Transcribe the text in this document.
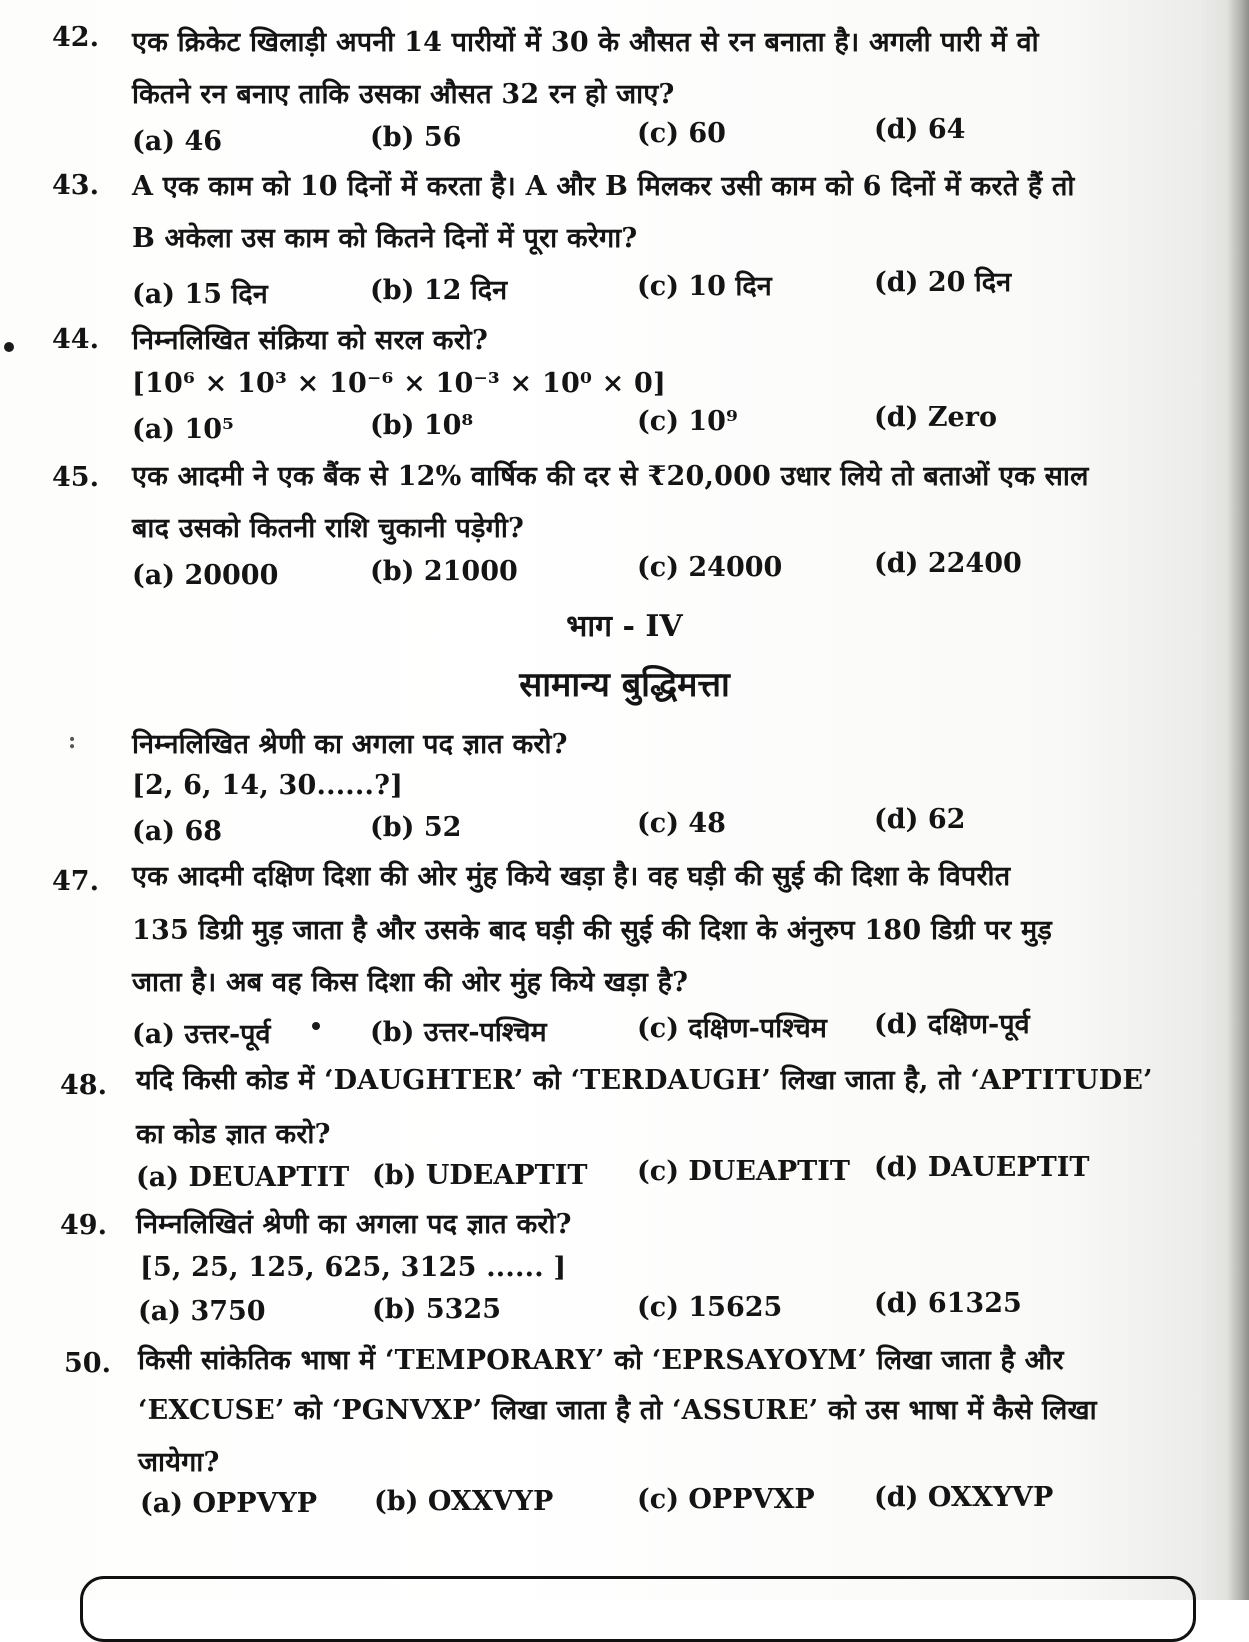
42. एक क्रिकेट खिलाड़ी अपनी 14 पारीयों में 30 के औसत से रन बनाता है। अगली पारी में वो
कितने रन बनाए ताकि उसका औसत 32 रन हो जाए?
(a) 46	(b) 56	(c) 60	(d) 64
43. A एक काम को 10 दिनों में करता है। A और B मिलकर उसी काम को 6 दिनों में करते हैं तो
B अकेला उस काम को कितने दिनों में पूरा करेगा?
(a) 15 दिन	(b) 12 दिन	(c) 10 दिन	(d) 20 दिन
44. निम्नलिखित संक्रिया को सरल करो?
[10⁶ × 10³ × 10⁻⁶ × 10⁻³ × 10⁰ × 0]
(a) 10⁵	(b) 10⁸	(c) 10⁹	(d) Zero
45. एक आदमी ने एक बैंक से 12% वार्षिक की दर से ₹20,000 उधार लिये तो बताओं एक साल
बाद उसको कितनी राशि चुकानी पड़ेगी?
(a) 20000	(b) 21000	(c) 24000	(d) 22400
भाग - IV
सामान्य बुद्धिमत्ता
: निम्नलिखित श्रेणी का अगला पद ज्ञात करो?
[2, 6, 14, 30......?]
(a) 68	(b) 52	(c) 48	(d) 62
47. एक आदमी दक्षिण दिशा की ओर मुंह किये खड़ा है। वह घड़ी की सुई की दिशा के विपरीत
135 डिग्री मुड़ जाता है और उसके बाद घड़ी की सुई की दिशा के अंनुरुप 180 डिग्री पर मुड़
जाता है। अब वह किस दिशा की ओर मुंह किये खड़ा है?
(a) उत्तर-पूर्व	(b) उत्तर-पश्चिम	(c) दक्षिण-पश्चिम (d) दक्षिण-पूर्व
48. यदि किसी कोड में ‘DAUGHTER’ को ‘TERDAUGH’ लिखा जाता है, तो ‘APTITUDE’
का कोड ज्ञात करो?
(a) DEUAPTIT (b) UDEAPTIT (c) DUEAPTIT (d) DAUEPTIT
49. निम्नलिखितं श्रेणी का अगला पद ज्ञात करो?
[5, 25, 125, 625, 3125 ...... ]
(a) 3750	(b) 5325	(c) 15625	(d) 61325
50. किसी सांकेतिक भाषा में ‘TEMPORARY’ को ‘EPRSAYOYM’ लिखा जाता है और
‘EXCUSE’ को ‘PGNVXP’ लिखा जाता है तो ‘ASSURE’ को उस भाषा में कैसे लिखा
जायेगा?
(a) OPPVYP (b) OXXVYP	(c) OPPVXP (d) OXXYVP
